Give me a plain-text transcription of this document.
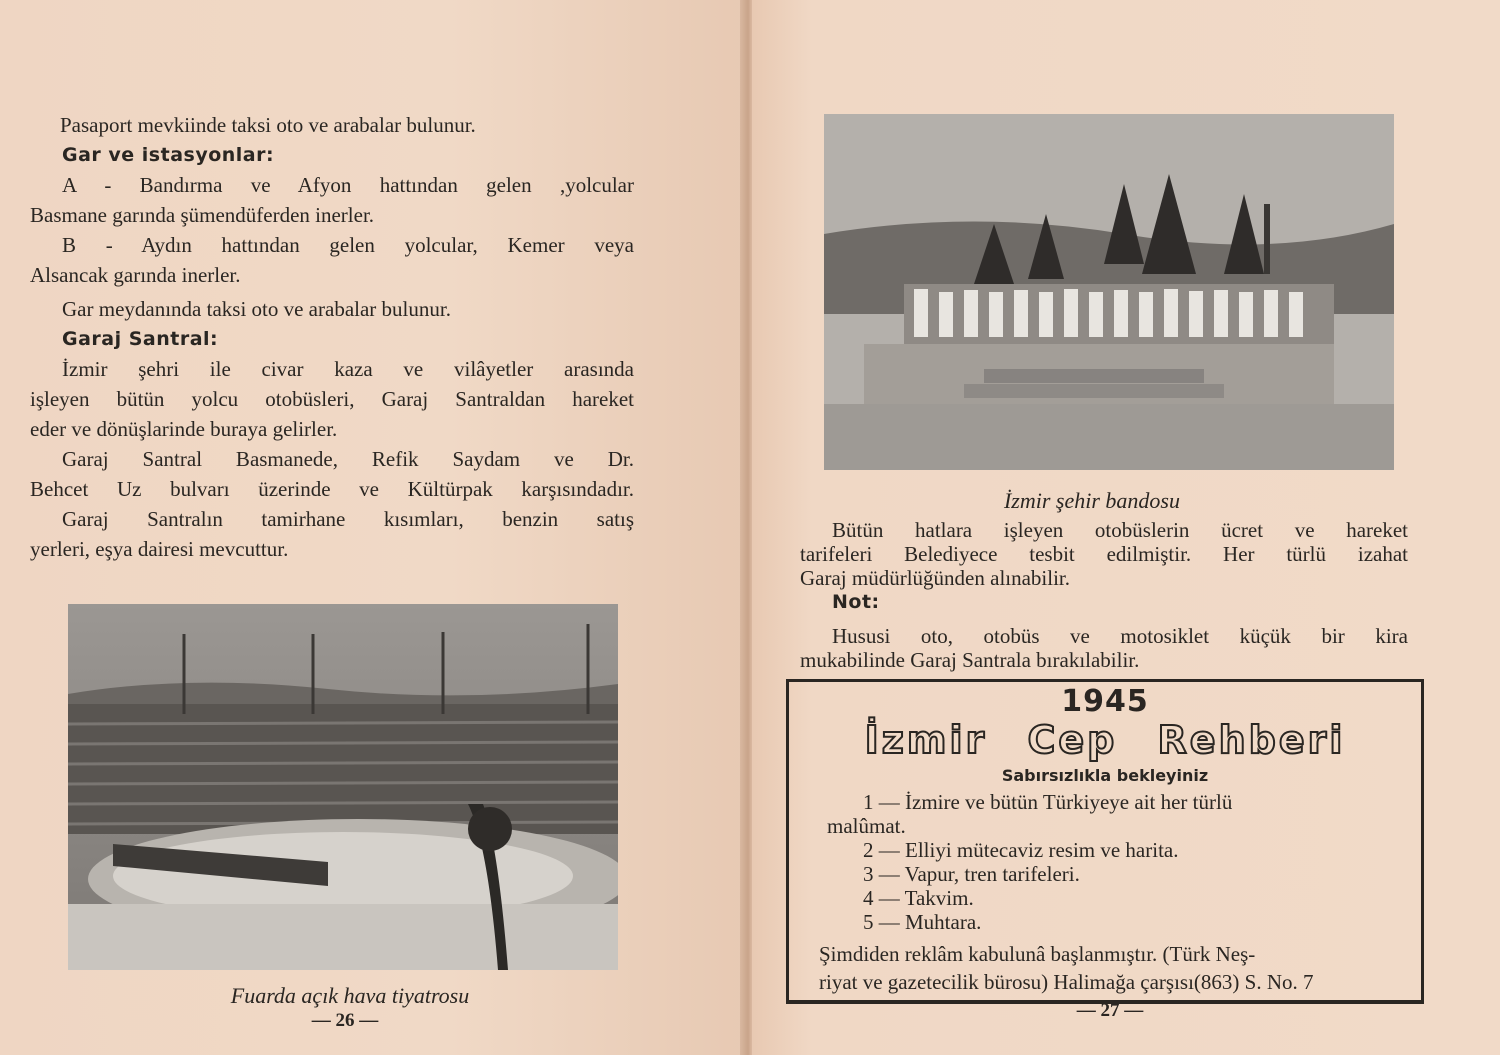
Pasaport mevkiinde taksi oto ve arabalar bulunur.
Gar ve istasyonlar:
A - Bandırma ve Afyon hattından gelen ,yolcular
Basmane garında şümendüferden inerler.
B - Aydın hattından gelen yolcular, Kemer veya
Alsancak garında inerler.
Gar meydanında taksi oto ve arabalar bulunur.
Garaj Santral:
İzmir şehri ile civar kaza ve vilâyetler arasında
işleyen bütün yolcu otobüsleri, Garaj Santraldan hareket
eder ve dönüşlarinde buraya gelirler.
Garaj Santral Basmanede, Refik Saydam ve Dr.
Behcet Uz bulvarı üzerinde ve Kültürpak karşısındadır.
Garaj Santralın tamirhane kısımları, benzin satış
yerleri, eşya dairesi mevcuttur.
Fuarda açık hava tiyatrosu
— 26 —
İzmir şehir bandosu
Bütün hatlara işleyen otobüslerin ücret ve hareket
tarifeleri Belediyece tesbit edilmiştir. Her türlü izahat
Garaj müdürlüğünden alınabilir.
Not:
Hususi oto, otobüs ve motosiklet küçük bir kira
mukabilinde Garaj Santrala bırakılabilir.
1945
İzmir Cep Rehberi
Sabırsızlıkla bekleyiniz
1 — İzmire ve bütün Türkiyeye ait her türlü
malûmat.
2 — Elliyi mütecaviz resim ve harita.
3 — Vapur, tren tarifeleri.
4 — Takvim.
5 — Muhtara.
Şimdiden reklâm kabulunâ başlanmıştır. (Türk Neş-
riyat ve gazetecilik bürosu) Halimağa çarşısı(863) S. No. 7
— 27 —
